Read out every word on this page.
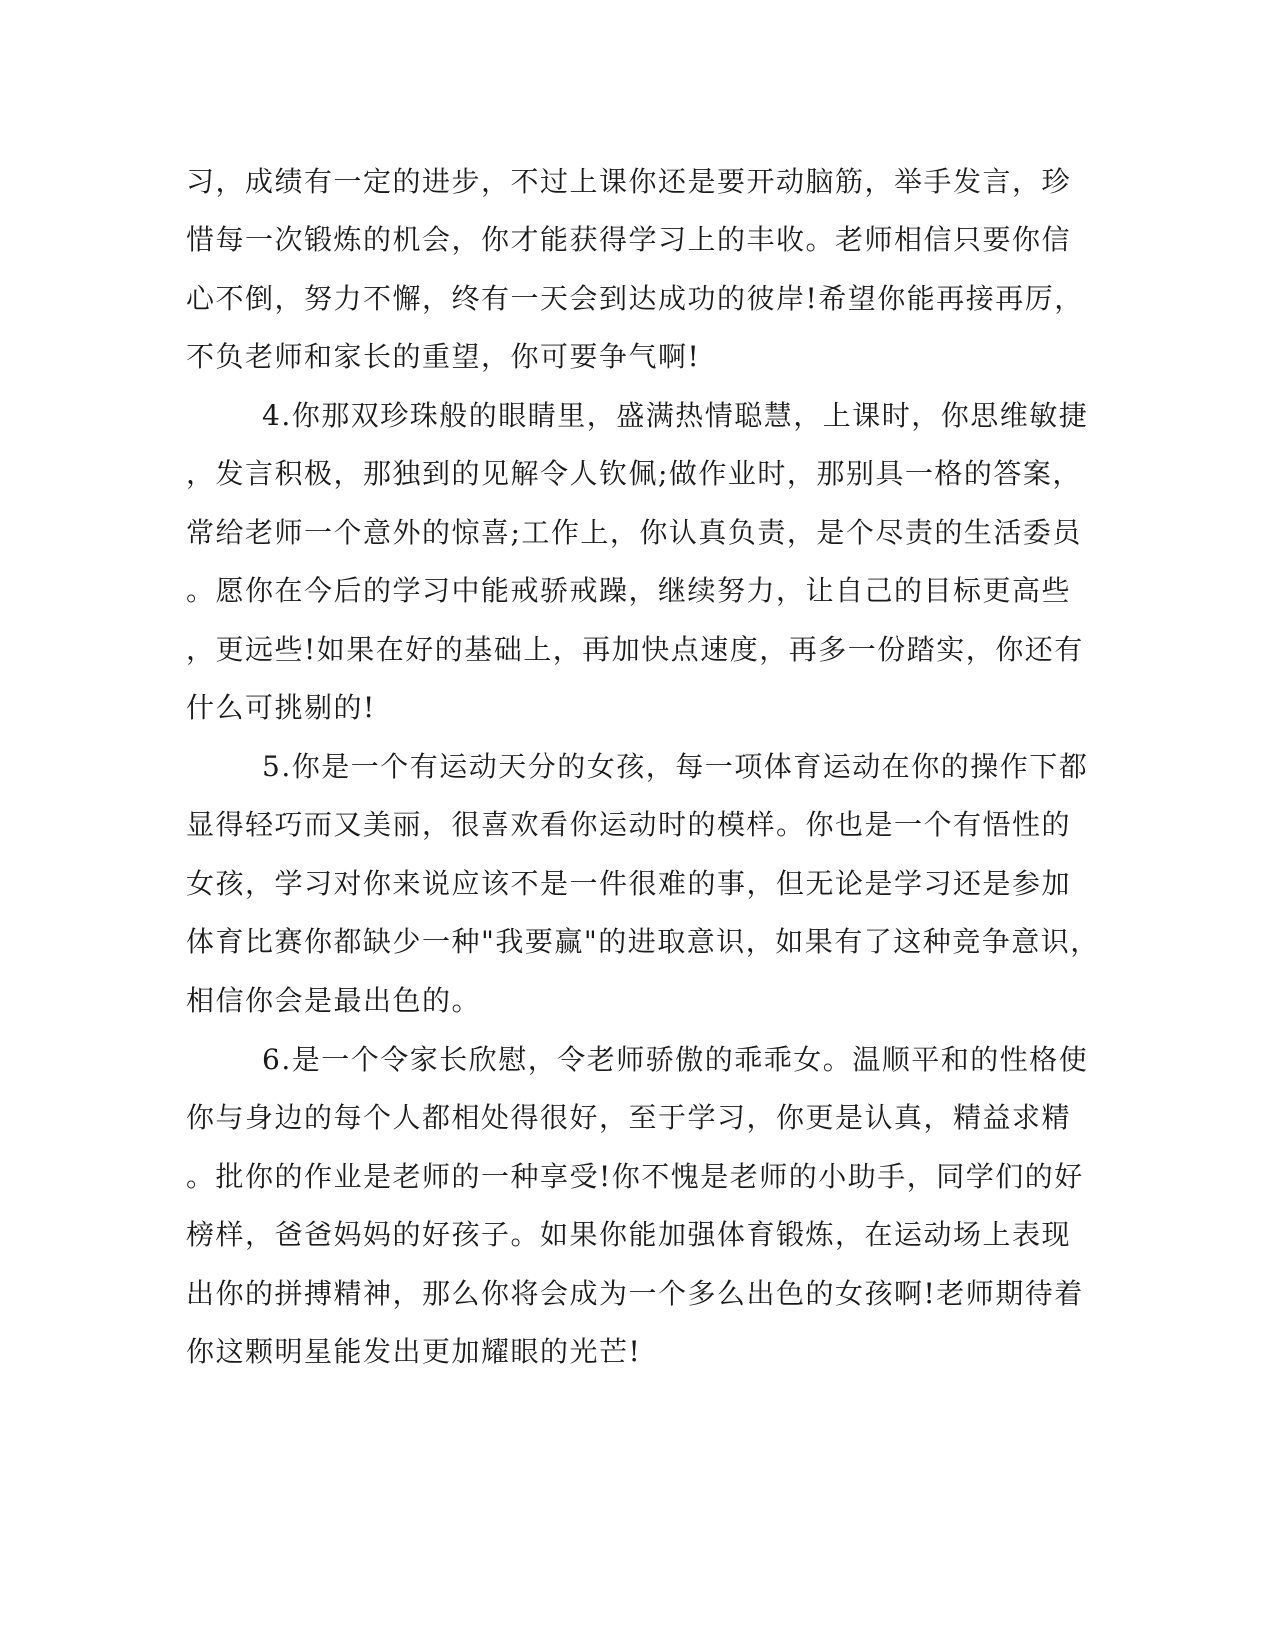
习，成绩有一定的进步，不过上课你还是要开动脑筋，举手发言，珍
惜每一次锻炼的机会，你才能获得学习上的丰收。老师相信只要你信
心不倒，努力不懈，终有一天会到达成功的彼岸!希望你能再接再厉，
不负老师和家长的重望，你可要争气啊!
4.你那双珍珠般的眼睛里，盛满热情聪慧，上课时，你思维敏捷
，发言积极，那独到的见解令人钦佩;做作业时，那别具一格的答案，
常给老师一个意外的惊喜;工作上，你认真负责，是个尽责的生活委员
。愿你在今后的学习中能戒骄戒躁，继续努力，让自己的目标更高些
，更远些!如果在好的基础上，再加快点速度，再多一份踏实，你还有
什么可挑剔的!
5.你是一个有运动天分的女孩，每一项体育运动在你的操作下都
显得轻巧而又美丽，很喜欢看你运动时的模样。你也是一个有悟性的
女孩，学习对你来说应该不是一件很难的事，但无论是学习还是参加
体育比赛你都缺少一种"我要赢"的进取意识，如果有了这种竞争意识，
相信你会是最出色的。
6.是一个令家长欣慰，令老师骄傲的乖乖女。温顺平和的性格使
你与身边的每个人都相处得很好，至于学习，你更是认真，精益求精
。批你的作业是老师的一种享受!你不愧是老师的小助手，同学们的好
榜样，爸爸妈妈的好孩子。如果你能加强体育锻炼，在运动场上表现
出你的拼搏精神，那么你将会成为一个多么出色的女孩啊!老师期待着
你这颗明星能发出更加耀眼的光芒!
